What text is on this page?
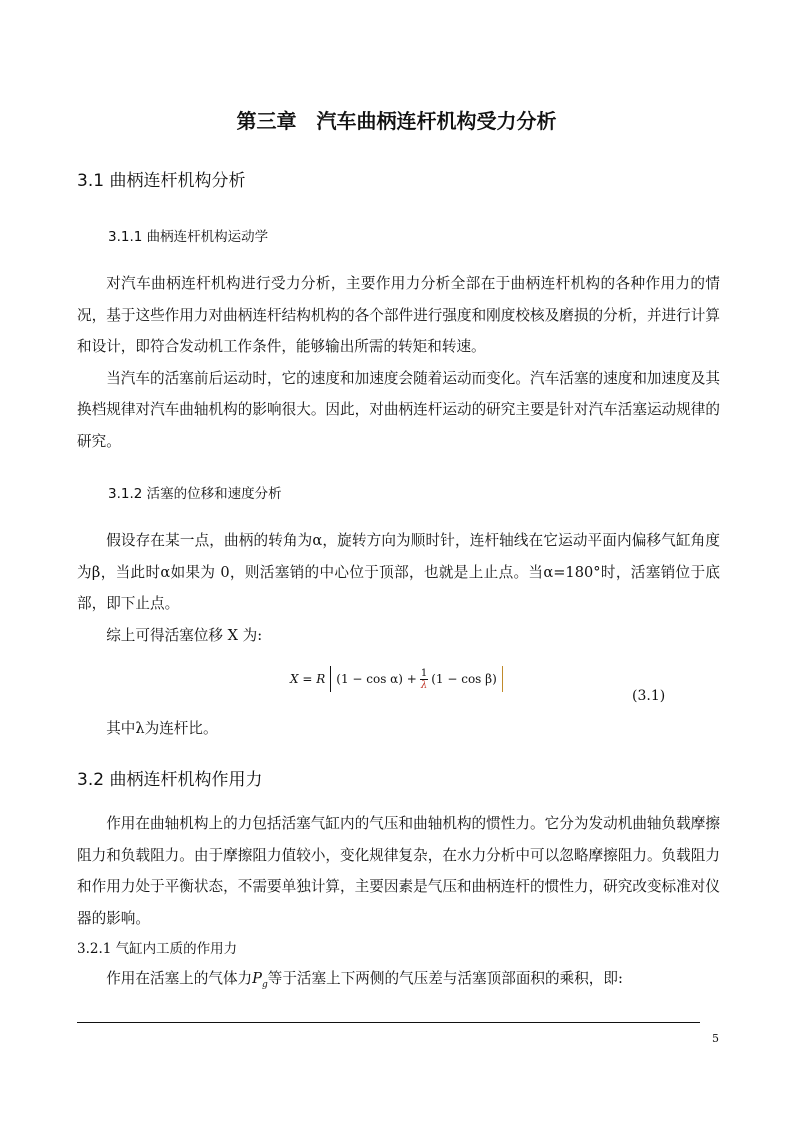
第三章　汽车曲柄连杆机构受力分析
3.1 曲柄连杆机构分析
3.1.1 曲柄连杆机构运动学

对汽车曲柄连杆机构进行受力分析，主要作用力分析全部在于曲柄连杆机构的各种作用力的情况，基于这些作用力对曲柄连杆结构机构的各个部件进行强度和刚度校核及磨损的分析，并进行计算和设计，即符合发动机工作条件，能够输出所需的转矩和转速。

当汽车的活塞前后运动时，它的速度和加速度会随着运动而变化。汽车活塞的速度和加速度及其换档规律对汽车曲轴机构的影响很大。因此，对曲柄连杆运动的研究主要是针对汽车活塞运动规律的研究。

3.1.2 活塞的位移和速度分析

假设存在某一点，曲柄的转角为α，旋转方向为顺时针，连杆轴线在它运动平面内偏移气缸角度为β，当此时α如果为 0，则活塞销的中心位于顶部，也就是上止点。当α=180°时，活塞销位于底部，即下止点。

综上可得活塞位移 X 为:

X = R $(1 - \cos \alpha) + \frac{1}{\lambda} (1 - \cos \beta)$
(3.1)

其中λ为连杆比。

3.2 曲柄连杆机构作用力

作用在曲轴机构上的力包括活塞气缸内的气压和曲轴机构的惯性力。它分为发动机曲轴负载摩擦阻力和负载阻力。由于摩擦阻力值较小，变化规律复杂，在水力分析中可以忽略摩擦阻力。负载阻力和作用力处于平衡状态，不需要单独计算，主要因素是气压和曲柄连杆的惯性力，研究改变标准对仪器的影响。

3.2.1 气缸内工质的作用力

作用在活塞上的气体力$P_g$等于活塞上下两侧的气压差与活塞顶部面积的乘积，即:

5
